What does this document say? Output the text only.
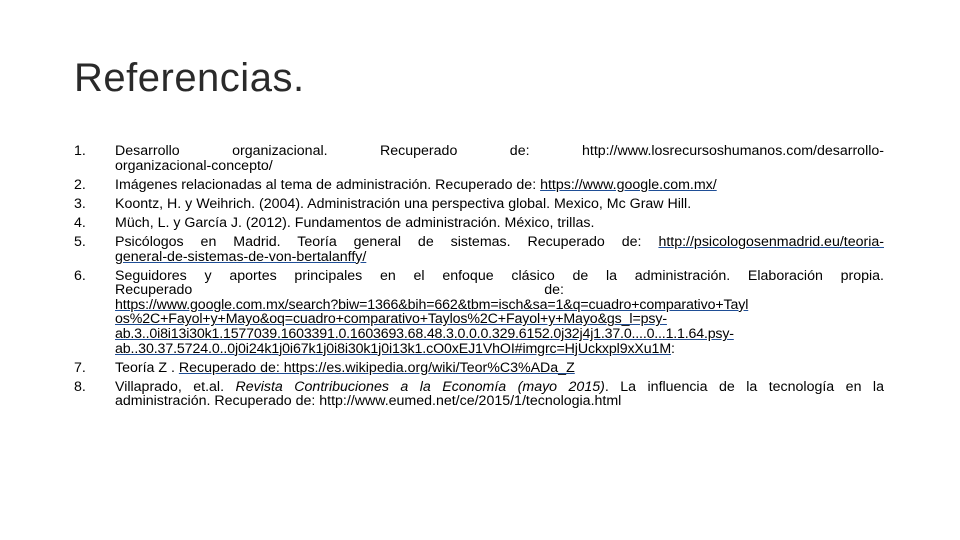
Referencias.
1.	Desarrollo organizacional. Recuperado de: http://www.losrecursoshumanos.com/desarrollo-
organizacional-concepto/
2.	Imágenes relacionadas al tema de administración. Recuperado de: https://www.google.com.mx/
3.	Koontz, H. y Weihrich. (2004). Administración una perspectiva global. Mexico, Mc Graw Hill.
4.	Müch, L. y García J. (2012). Fundamentos de administración. México, trillas.
5.	Psicólogos en Madrid. Teoría general de sistemas. Recuperado de: http://psicologosenmadrid.eu/teoria-
general-de-sistemas-de-von-bertalanffy/
6.	Seguidores y aportes principales en el enfoque clásico de la administración. Elaboración propia.
Recuperado	de:
https://www.google.com.mx/search?biw=1366&bih=662&tbm=isch&sa=1&q=cuadro+comparativo+Tayl
os%2C+Fayol+y+Mayo&oq=cuadro+comparativo+Taylos%2C+Fayol+y+Mayo&gs_l=psy-
ab.3..0i8i13i30k1.1577039.1603391.0.1603693.68.48.3.0.0.0.329.6152.0j32j4j1.37.0....0...1.1.64.psy-
ab..30.37.5724.0..0j0i24k1j0i67k1j0i8i30k1j0i13k1.cO0xEJ1VhOI#imgrc=HjUckxpl9xXu1M:
7.	Teoría Z . Recuperado de: https://es.wikipedia.org/wiki/Teor%C3%ADa_Z
8.	Villaprado, et.al. Revista Contribuciones a la Economía (mayo 2015). La influencia de la tecnología en la
administración. Recuperado de: http://www.eumed.net/ce/2015/1/tecnologia.html
